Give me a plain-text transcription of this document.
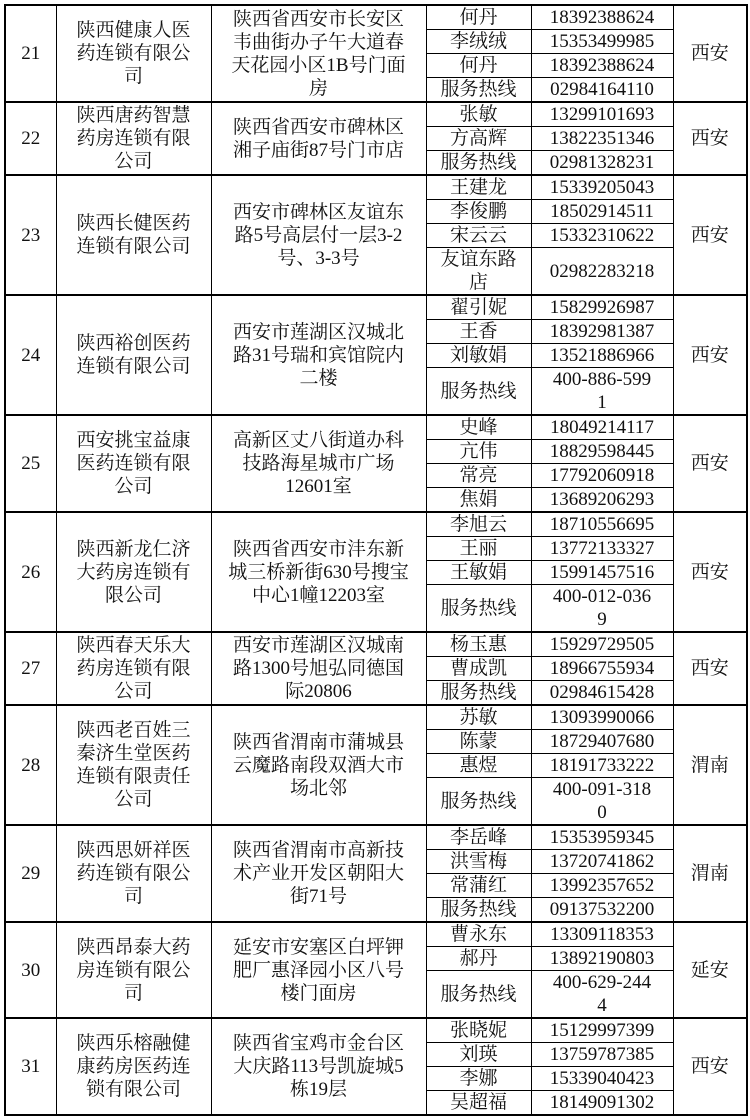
21	陕西健康人医药连锁有限公司	陕西省西安市长安区韦曲街办子午大道春天花园小区1B号门面房	何丹	18392388624	西安
			李绒绒	15353499985	
			何丹	18392388624	
			服务热线	02984164110	
22	陕西唐药智慧药房连锁有限公司	陕西省西安市碑林区湘子庙街87号门市店	张敏	13299101693	西安
			方高辉	13822351346	
			服务热线	02981328231	
23	陕西长健医药连锁有限公司	西安市碑林区友谊东路5号高层付一层3-2号、3-3号	王建龙	15339205043	西安
			李俊鹏	18502914511	
			宋云云	15332310622	
			友谊东路店	02982283218	
24	陕西裕创医药连锁有限公司	西安市莲湖区汉城北路31号瑞和宾馆院内二楼	翟引妮	15829926987	西安
			王香	18392981387	
			刘敏娟	13521886966	
			服务热线	400-886-5991	
25	西安挑宝益康医药连锁有限公司	高新区丈八街道办科技路海星城市广场12601室	史峰	18049214117	西安
			亢伟	18829598445	
			常亮	17792060918	
			焦娟	13689206293	
26	陕西新龙仁济大药房连锁有限公司	陕西省西安市沣东新城三桥新街630号搜宝中心1幢12203室	李旭云	18710556695	西安
			王丽	13772133327	
			王敏娟	15991457516	
			服务热线	400-012-0369	
27	陕西春天乐大药房连锁有限公司	西安市莲湖区汉城南路1300号旭弘同德国际20806	杨玉惠	15929729505	西安
			曹成凯	18966755934	
			服务热线	02984615428	
28	陕西老百姓三秦济生堂医药连锁有限责任公司	陕西省渭南市蒲城县云魔路南段双酒大市场北邻	苏敏	13093990066	渭南
			陈蒙	18729407680	
			惠煜	18191733222	
			服务热线	400-091-3180	
29	陕西思妍祥医药连锁有限公司	陕西省渭南市高新技术产业开发区朝阳大街71号	李岳峰	15353959345	渭南
			洪雪梅	13720741862	
			常蒲红	13992357652	
			服务热线	09137532200	
30	陕西昂泰大药房连锁有限公司	延安市安塞区白坪钾肥厂惠泽园小区八号楼门面房	曹永东	13309118353	延安
			郝丹	13892190803	
			服务热线	400-629-2444	
31	陕西乐榕融健康药房医药连锁有限公司	陕西省宝鸡市金台区大庆路113号凯旋城5栋19层	张晓妮	15129997399	西安
			刘瑛	13759787385	
			李娜	15339040423	
			吴超福	18149091302	
